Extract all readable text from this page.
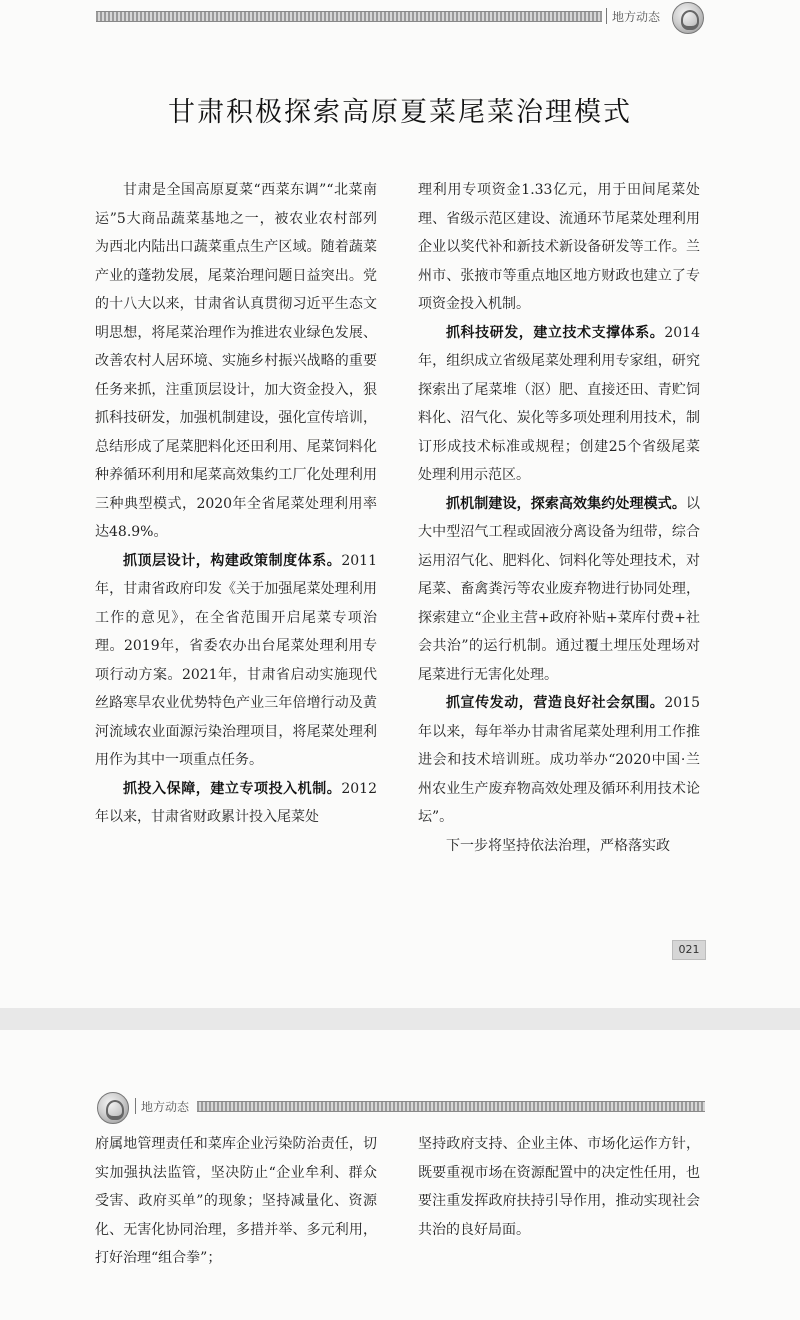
地方动态
甘肃积极探索高原夏菜尾菜治理模式

甘肃是全国高原夏菜“西菜东调”“北菜南运”5大商品蔬菜基地之一，被农业农村部列为西北内陆出口蔬菜重点生产区域。随着蔬菜产业的蓬勃发展，尾菜治理问题日益突出。党的十八大以来，甘肃省认真贯彻习近平生态文明思想，将尾菜治理作为推进农业绿色发展、改善农村人居环境、实施乡村振兴战略的重要任务来抓，注重顶层设计，加大资金投入，狠抓科技研发，加强机制建设，强化宣传培训，总结形成了尾菜肥料化还田利用、尾菜饲料化种养循环利用和尾菜高效集约工厂化处理利用三种典型模式，2020年全省尾菜处理利用率达48.9%。

抓顶层设计，构建政策制度体系。2011年，甘肃省政府印发《关于加强尾菜处理利用工作的意见》，在全省范围开启尾菜专项治理。2019年，省委农办出台尾菜处理利用专项行动方案。2021年，甘肃省启动实施现代丝路寒旱农业优势特色产业三年倍增行动及黄河流域农业面源污染治理项目，将尾菜处理利用作为其中一项重点任务。

抓投入保障，建立专项投入机制。2012年以来，甘肃省财政累计投入尾菜处

理利用专项资金1.33亿元，用于田间尾菜处理、省级示范区建设、流通环节尾菜处理利用企业以奖代补和新技术新设备研发等工作。兰州市、张掖市等重点地区地方财政也建立了专项资金投入机制。

抓科技研发，建立技术支撑体系。2014年，组织成立省级尾菜处理利用专家组，研究探索出了尾菜堆（沤）肥、直接还田、青贮饲料化、沼气化、炭化等多项处理利用技术，制订形成技术标准或规程；创建25个省级尾菜处理利用示范区。

抓机制建设，探索高效集约处理模式。以大中型沼气工程或固液分离设备为纽带，综合运用沼气化、肥料化、饲料化等处理技术，对尾菜、畜禽粪污等农业废弃物进行协同处理，探索建立“企业主营+政府补贴+菜库付费+社会共治”的运行机制。通过覆土埋压处理场对尾菜进行无害化处理。

抓宣传发动，营造良好社会氛围。2015年以来，每年举办甘肃省尾菜处理利用工作推进会和技术培训班。成功举办“2020中国·兰州农业生产废弃物高效处理及循环利用技术论坛”。

下一步将坚持依法治理，严格落实政

021
地方动态

府属地管理责任和菜库企业污染防治责任，切实加强执法监管，坚决防止“企业牟利、群众受害、政府买单”的现象；坚持减量化、资源化、无害化协同治理，多措并举、多元利用，打好治理“组合拳”；

坚持政府支持、企业主体、市场化运作方针，既要重视市场在资源配置中的决定性任用，也要注重发挥政府扶持引导作用，推动实现社会共治的良好局面。
